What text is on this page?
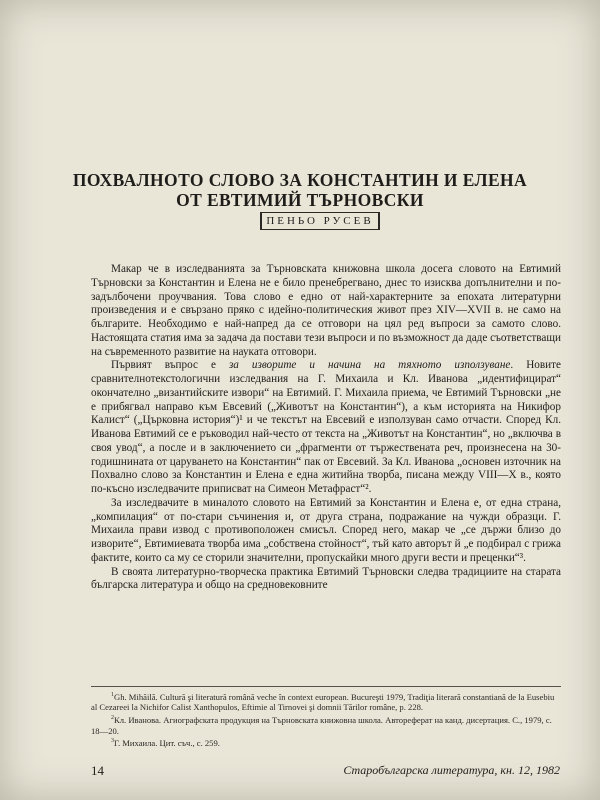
ПОХВАЛНОТО СЛОВО ЗА КОНСТАНТИН И ЕЛЕНА
ОТ ЕВТИМИЙ ТЪРНОВСКИ
ПЕНЬО РУСЕВ

Макар че в изследванията за Търновската книжовна школа досега словото на Евтимий Търновски за Константин и Елена не е било пренебрегвано, днес то изисква допълнителни и по-задълбочени проучвания. Това слово е едно от най-характерните за епохата литературни произведения и е свързано пряко с идейно-политическия живот през XIV—XVII в. не само на българите. Необходимо е най-напред да се отговори на цял ред въпроси за самото слово. Настоящата статия има за задача да постави тези въпроси и по възможност да даде съответстващи на съвременното развитие на науката отговори.

Първият въпрос е за изворите и начина на тяхното използуване. Новите сравнителнотекстологични изследвания на Г. Михаила и Кл. Иванова „идентифицират“ окончателно „византийските извори“ на Евтимий. Г. Михаила приема, че Евтимий Търновски „не е прибягвал направо към Евсевий („Животът на Константин“), а към историята на Никифор Калист“ („Църковна история“)¹ и че текстът на Евсевий е използуван само отчасти. Според Кл. Иванова Евтимий се е ръководил най-често от текста на „Животът на Константин“, но „включва в своя увод“, а после и в заключението си „фрагменти от тържествената реч, произнесена на 30-годишнината от царуването на Константин“ пак от Евсевий. За Кл. Иванова „основен източник на Похвално слово за Константин и Елена е една житийна творба, писана между VIII—X в., която по-късно изследвачите приписват на Симеон Метафраст“².

За изследвачите в миналото словото на Евтимий за Константин и Елена е, от една страна, „компилация“ от по-стари съчинения и, от друга страна, подражание на чужди образци. Г. Михаила прави извод с противоположен смисъл. Според него, макар че „се държи близо до изворите“, Евтимиевата творба има „собствена стойност“, тъй като авторът й „е подбирал с грижа фактите, които са му се сторили значителни, пропускайки много други вести и преценки“³.

В своята литературно-творческа практика Евтимий Търновски следва традициите на старата българска литература и общо на средновековните

$^1$Gh. Mihăilă. Cultură şi literatură română veche în context european. Bucureşti 1979, Tradiţia literară constantiană de la Eusebiu al Cezareei la Nichifor Calist Xanthopulos, Eftimie al Tirnovei şi domnii Tărilor române, p. 228.

$^2$Кл. Иванова. Агиографската продукция на Търновската книжовна школа. Автореферат на канд. дисертация. С., 1979, с. 18—20.

$^3$Г. Михаила. Цит. съч., с. 259.

14	Старобългарска литература, кн. 12, 1982
